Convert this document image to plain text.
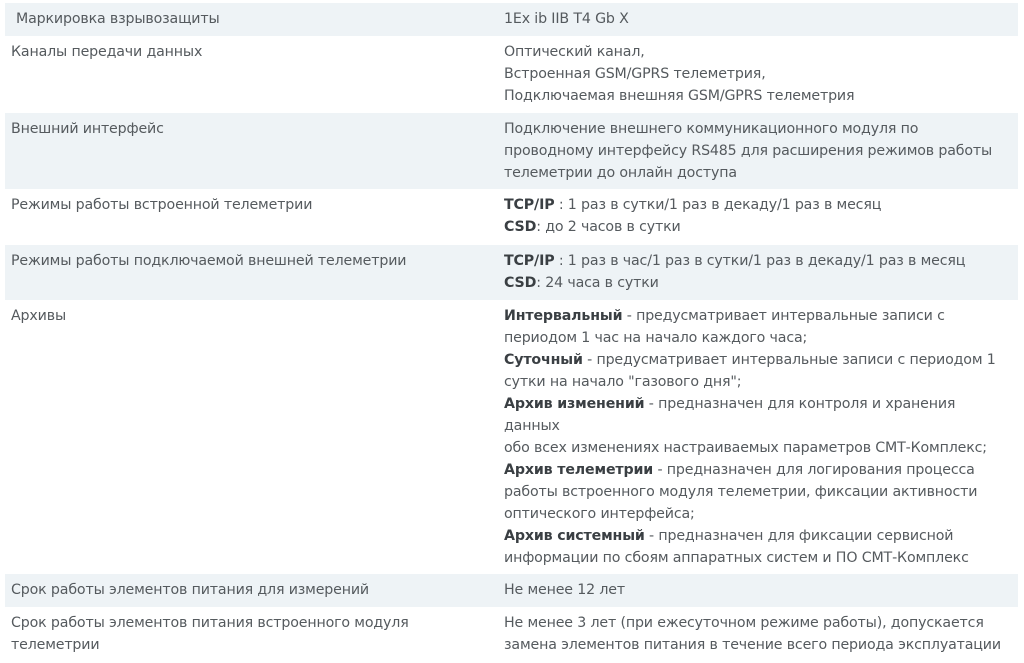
Маркировка взрывозащиты	1Ex ib IIB T4 Gb X

Каналы передачи данных	Оптический канал,
Встроенная GSM/GPRS телеметрия,
Подключаемая внешняя GSM/GPRS телеметрия

Внешний интерфейс	Подключение внешнего коммуникационного модуля по
проводному интерфейсу RS485 для расширения режимов работы
телеметрии до онлайн доступа

Режимы работы встроенной телеметрии	TCP/IP : 1 раз в сутки/1 раз в декаду/1 раз в месяц
CSD: до 2 часов в сутки

Режимы работы подключаемой внешней телеметрии	TCP/IP : 1 раз в час/1 раз в сутки/1 раз в декаду/1 раз в месяц
CSD: 24 часа в сутки

Архивы	Интервальный - предусматривает интервальные записи с
периодом 1 час на начало каждого часа;
Суточный - предусматривает интервальные записи с периодом 1
сутки на начало "газового дня";
Архив изменений - предназначен для контроля и хранения данных
обо всех изменениях настраиваемых параметров СМТ-Комплекс;
Архив телеметрии - предназначен для логирования процесса
работы встроенного модуля телеметрии, фиксации активности
оптического интерфейса;
Архив системный - предназначен для фиксации сервисной
информации по сбоям аппаратных систем и ПО СМТ-Комплекс

Срок работы элементов питания для измерений	Не менее 12 лет

Срок работы элементов питания встроенного модуля
телеметрии	Не менее 3 лет (при ежесуточном режиме работы), допускается
замена элементов питания в течение всего периода эксплуатации
